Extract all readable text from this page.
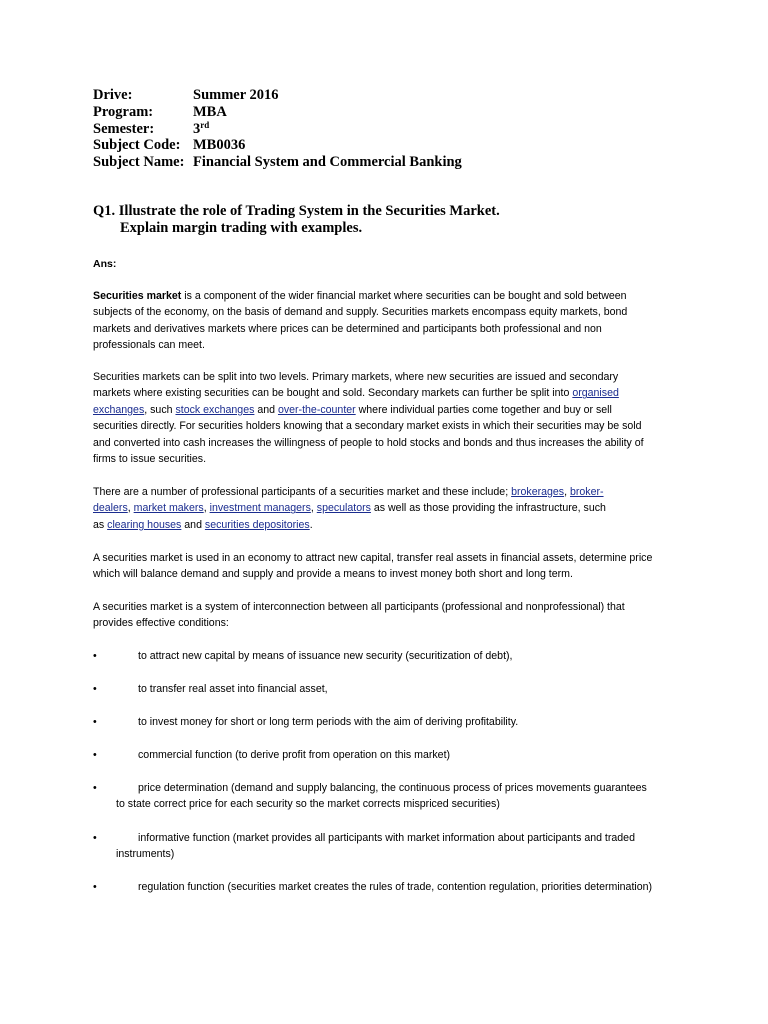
Drive:	Summer 2016
Program:	MBA
Semester:	3rd
Subject Code: MB0036
Subject Name: Financial System and Commercial Banking
Q1. Illustrate the role of Trading System in the Securities Market.
Explain margin trading with examples.
Ans:
Securities market is a component of the wider financial market where securities can be bought and sold between
subjects of the economy, on the basis of demand and supply. Securities markets encompass equity markets, bond
markets and derivatives markets where prices can be determined and participants both professional and non
professionals can meet.
Securities markets can be split into two levels. Primary markets, where new securities are issued and secondary
markets where existing securities can be bought and sold. Secondary markets can further be split into organised
exchanges, such stock exchanges and over-the-counter where individual parties come together and buy or sell
securities directly. For securities holders knowing that a secondary market exists in which their securities may be sold
and converted into cash increases the willingness of people to hold stocks and bonds and thus increases the ability of
firms to issue securities.
There are a number of professional participants of a securities market and these include; brokerages, broker-
dealers, market makers, investment managers, speculators as well as those providing the infrastructure, such
as clearing houses and securities depositories.
A securities market is used in an economy to attract new capital, transfer real assets in financial assets, determine price
which will balance demand and supply and provide a means to invest money both short and long term.
A securities market is a system of interconnection between all participants (professional and nonprofessional) that
provides effective conditions:
•	to attract new capital by means of issuance new security (securitization of debt),
•	to transfer real asset into financial asset,
•	to invest money for short or long term periods with the aim of deriving profitability.
•	commercial function (to derive profit from operation on this market)
•	price determination (demand and supply balancing, the continuous process of prices movements guarantees
to state correct price for each security so the market corrects mispriced securities)
•	informative function (market provides all participants with market information about participants and traded
instruments)
•	regulation function (securities market creates the rules of trade, contention regulation, priorities determination)
